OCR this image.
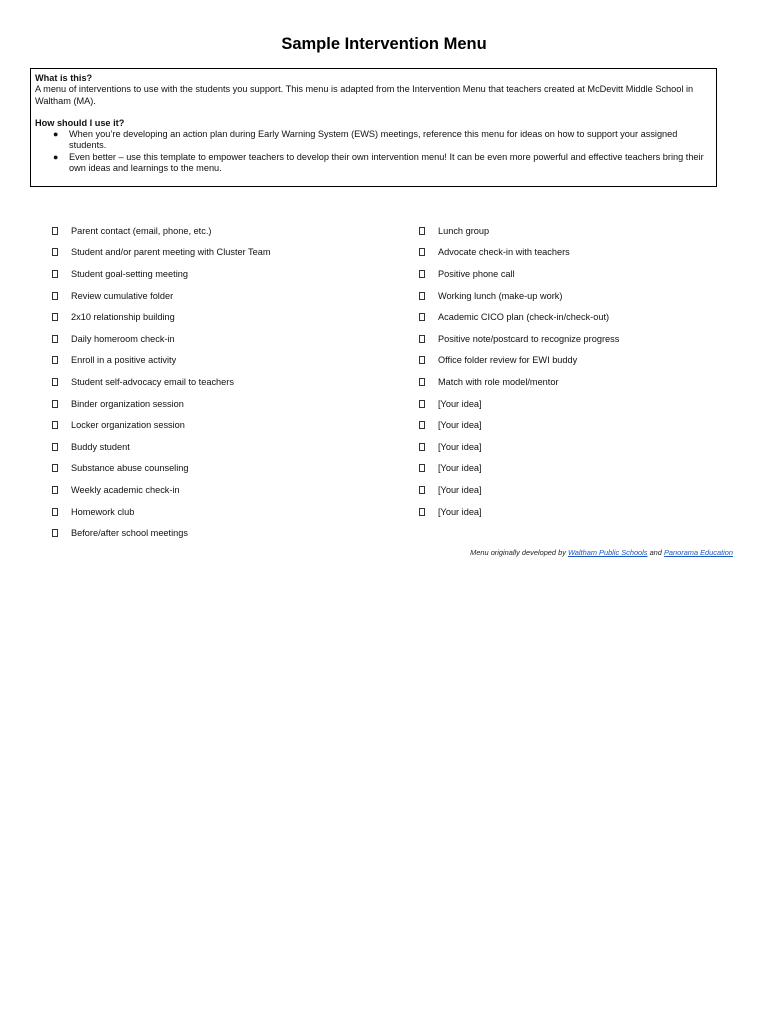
Sample Intervention Menu

What is this?

A menu of interventions to use with the students you support. This menu is adapted from the Intervention Menu that teachers created at McDevitt Middle School in Waltham (MA).

How should I use it?

● When you’re developing an action plan during Early Warning System (EWS) meetings, reference this menu for ideas on how to support your assigned students.
● Even better – use this template to empower teachers to develop their own intervention menu! It can be even more powerful and effective teachers bring their own ideas and learnings to the menu.
Parent contact (email, phone, etc.)
Student and/or parent meeting with Cluster Team
Student goal-setting meeting
Review cumulative folder
2x10 relationship building
Daily homeroom check-in
Enroll in a positive activity
Student self-advocacy email to teachers
Binder organization session
Locker organization session
Buddy student
Substance abuse counseling
Weekly academic check-in
Homework club
Before/after school meetings
Lunch group
Advocate check-in with teachers
Positive phone call
Working lunch (make-up work)
Academic CICO plan (check-in/check-out)
Positive note/postcard to recognize progress
Office folder review for EWI buddy
Match with role model/mentor
[Your idea]
[Your idea]
[Your idea]
[Your idea]
[Your idea]
[Your idea]
Menu originally developed by Waltham Public Schools and Panorama Education
